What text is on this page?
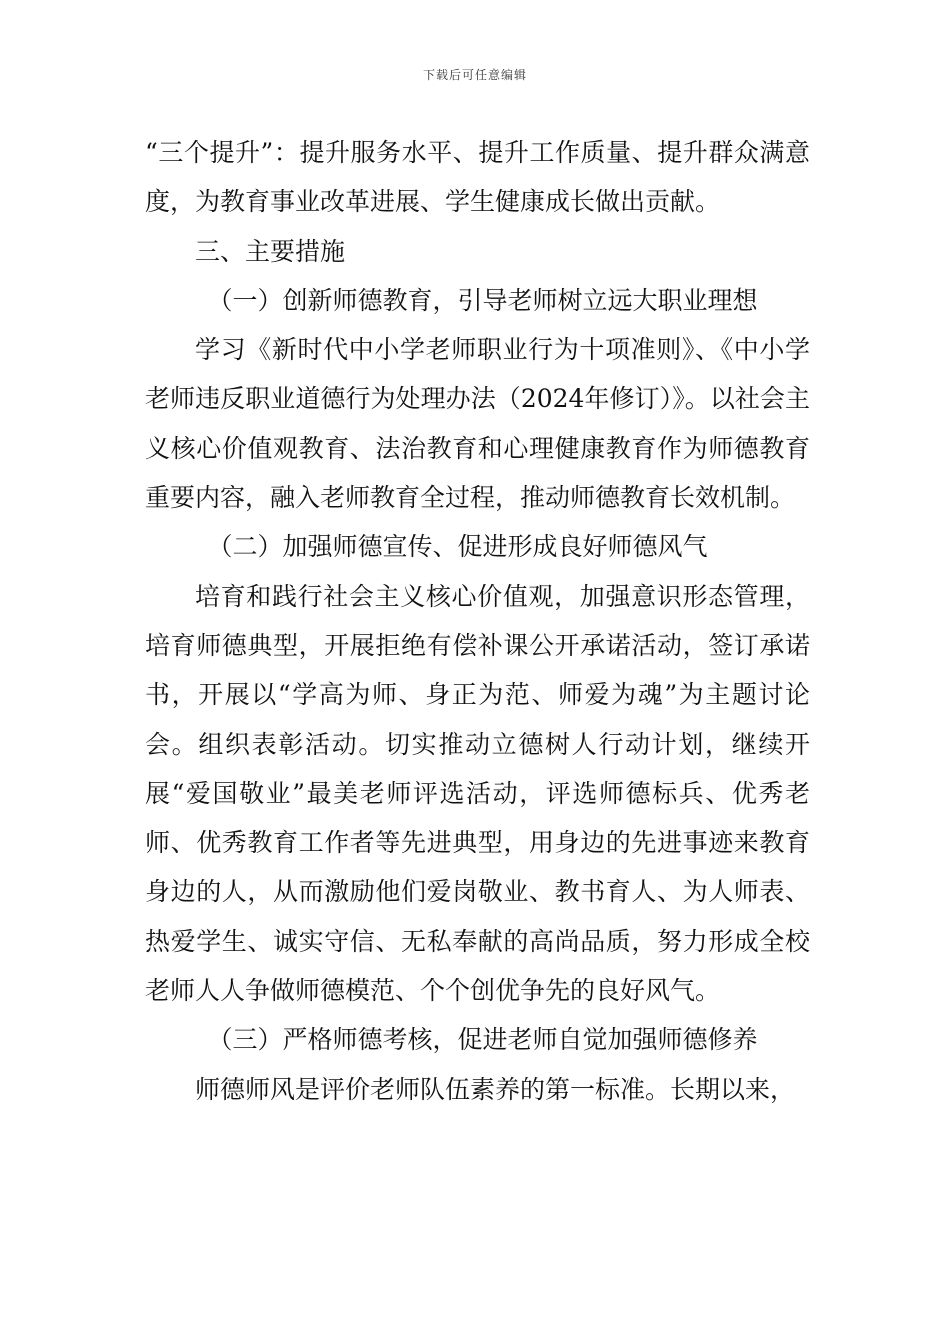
下载后可任意编辑

“三个提升”：提升服务水平、提升工作质量、提升群众满意度，为教育事业改革进展、学生健康成长做出贡献。

三、主要措施

（一）创新师德教育，引导老师树立远大职业理想

学习《新时代中小学老师职业行为十项准则》、《中小学老师违反职业道德行为处理办法（2024年修订）》。以社会主义核心价值观教育、法治教育和心理健康教育作为师德教育重要内容，融入老师教育全过程，推动师德教育长效机制。

（二）加强师德宣传、促进形成良好师德风气

培育和践行社会主义核心价值观，加强意识形态管理，培育师德典型，开展拒绝有偿补课公开承诺活动，签订承诺书，开展以“学高为师、身正为范、师爱为魂”为主题讨论会。组织表彰活动。切实推动立德树人行动计划，继续开展“爱国敬业”最美老师评选活动，评选师德标兵、优秀老师、优秀教育工作者等先进典型，用身边的先进事迹来教育身边的人，从而激励他们爱岗敬业、教书育人、为人师表、热爱学生、诚实守信、无私奉献的高尚品质，努力形成全校老师人人争做师德模范、个个创优争先的良好风气。

（三）严格师德考核，促进老师自觉加强师德修养

师德师风是评价老师队伍素养的第一标准。长期以来，
